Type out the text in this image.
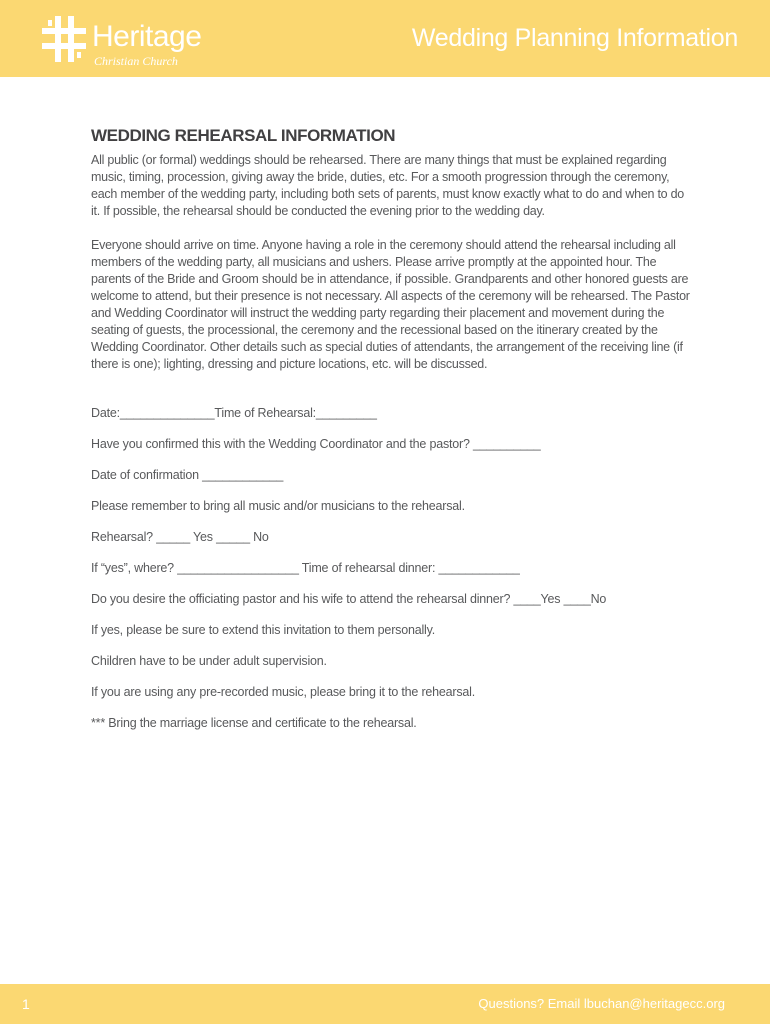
Heritage
Christian Church
Wedding Planning Information
WEDDING REHEARSAL INFORMATION

All public (or formal) weddings should be rehearsed. There are many things that must be explained regarding music, timing, procession, giving away the bride, duties, etc. For a smooth progression through the ceremony, each member of the wedding party, including both sets of parents, must know exactly what to do and when to do it. If possible, the rehearsal should be conducted the evening prior to the wedding day.

Everyone should arrive on time. Anyone having a role in the ceremony should attend the rehearsal including all members of the wedding party, all musicians and ushers. Please arrive promptly at the appointed hour. The parents of the Bride and Groom should be in attendance, if possible. Grandparents and other honored guests are welcome to attend, but their presence is not necessary. All aspects of the ceremony will be rehearsed. The Pastor and Wedding Coordinator will instruct the wedding party regarding their placement and movement during the seating of guests, the processional, the ceremony and the recessional based on the itinerary created by the Wedding Coordinator. Other details such as special duties of attendants, the arrangement of the receiving line (if there is one); lighting, dressing and picture locations, etc. will be discussed.

Date:______________Time of Rehearsal:_________

Have you confirmed this with the Wedding Coordinator and the pastor? __________

Date of confirmation ____________

Please remember to bring all music and/or musicians to the rehearsal.

Rehearsal? _____ Yes _____ No

If “yes”, where? __________________ Time of rehearsal dinner: ____________

Do you desire the officiating pastor and his wife to attend the rehearsal dinner? ____Yes ____No

If yes, please be sure to extend this invitation to them personally.

Children have to be under adult supervision.

If you are using any pre-recorded music, please bring it to the rehearsal.

*** Bring the marriage license and certificate to the rehearsal.

1	Questions? Email lbuchan@heritagecc.org
